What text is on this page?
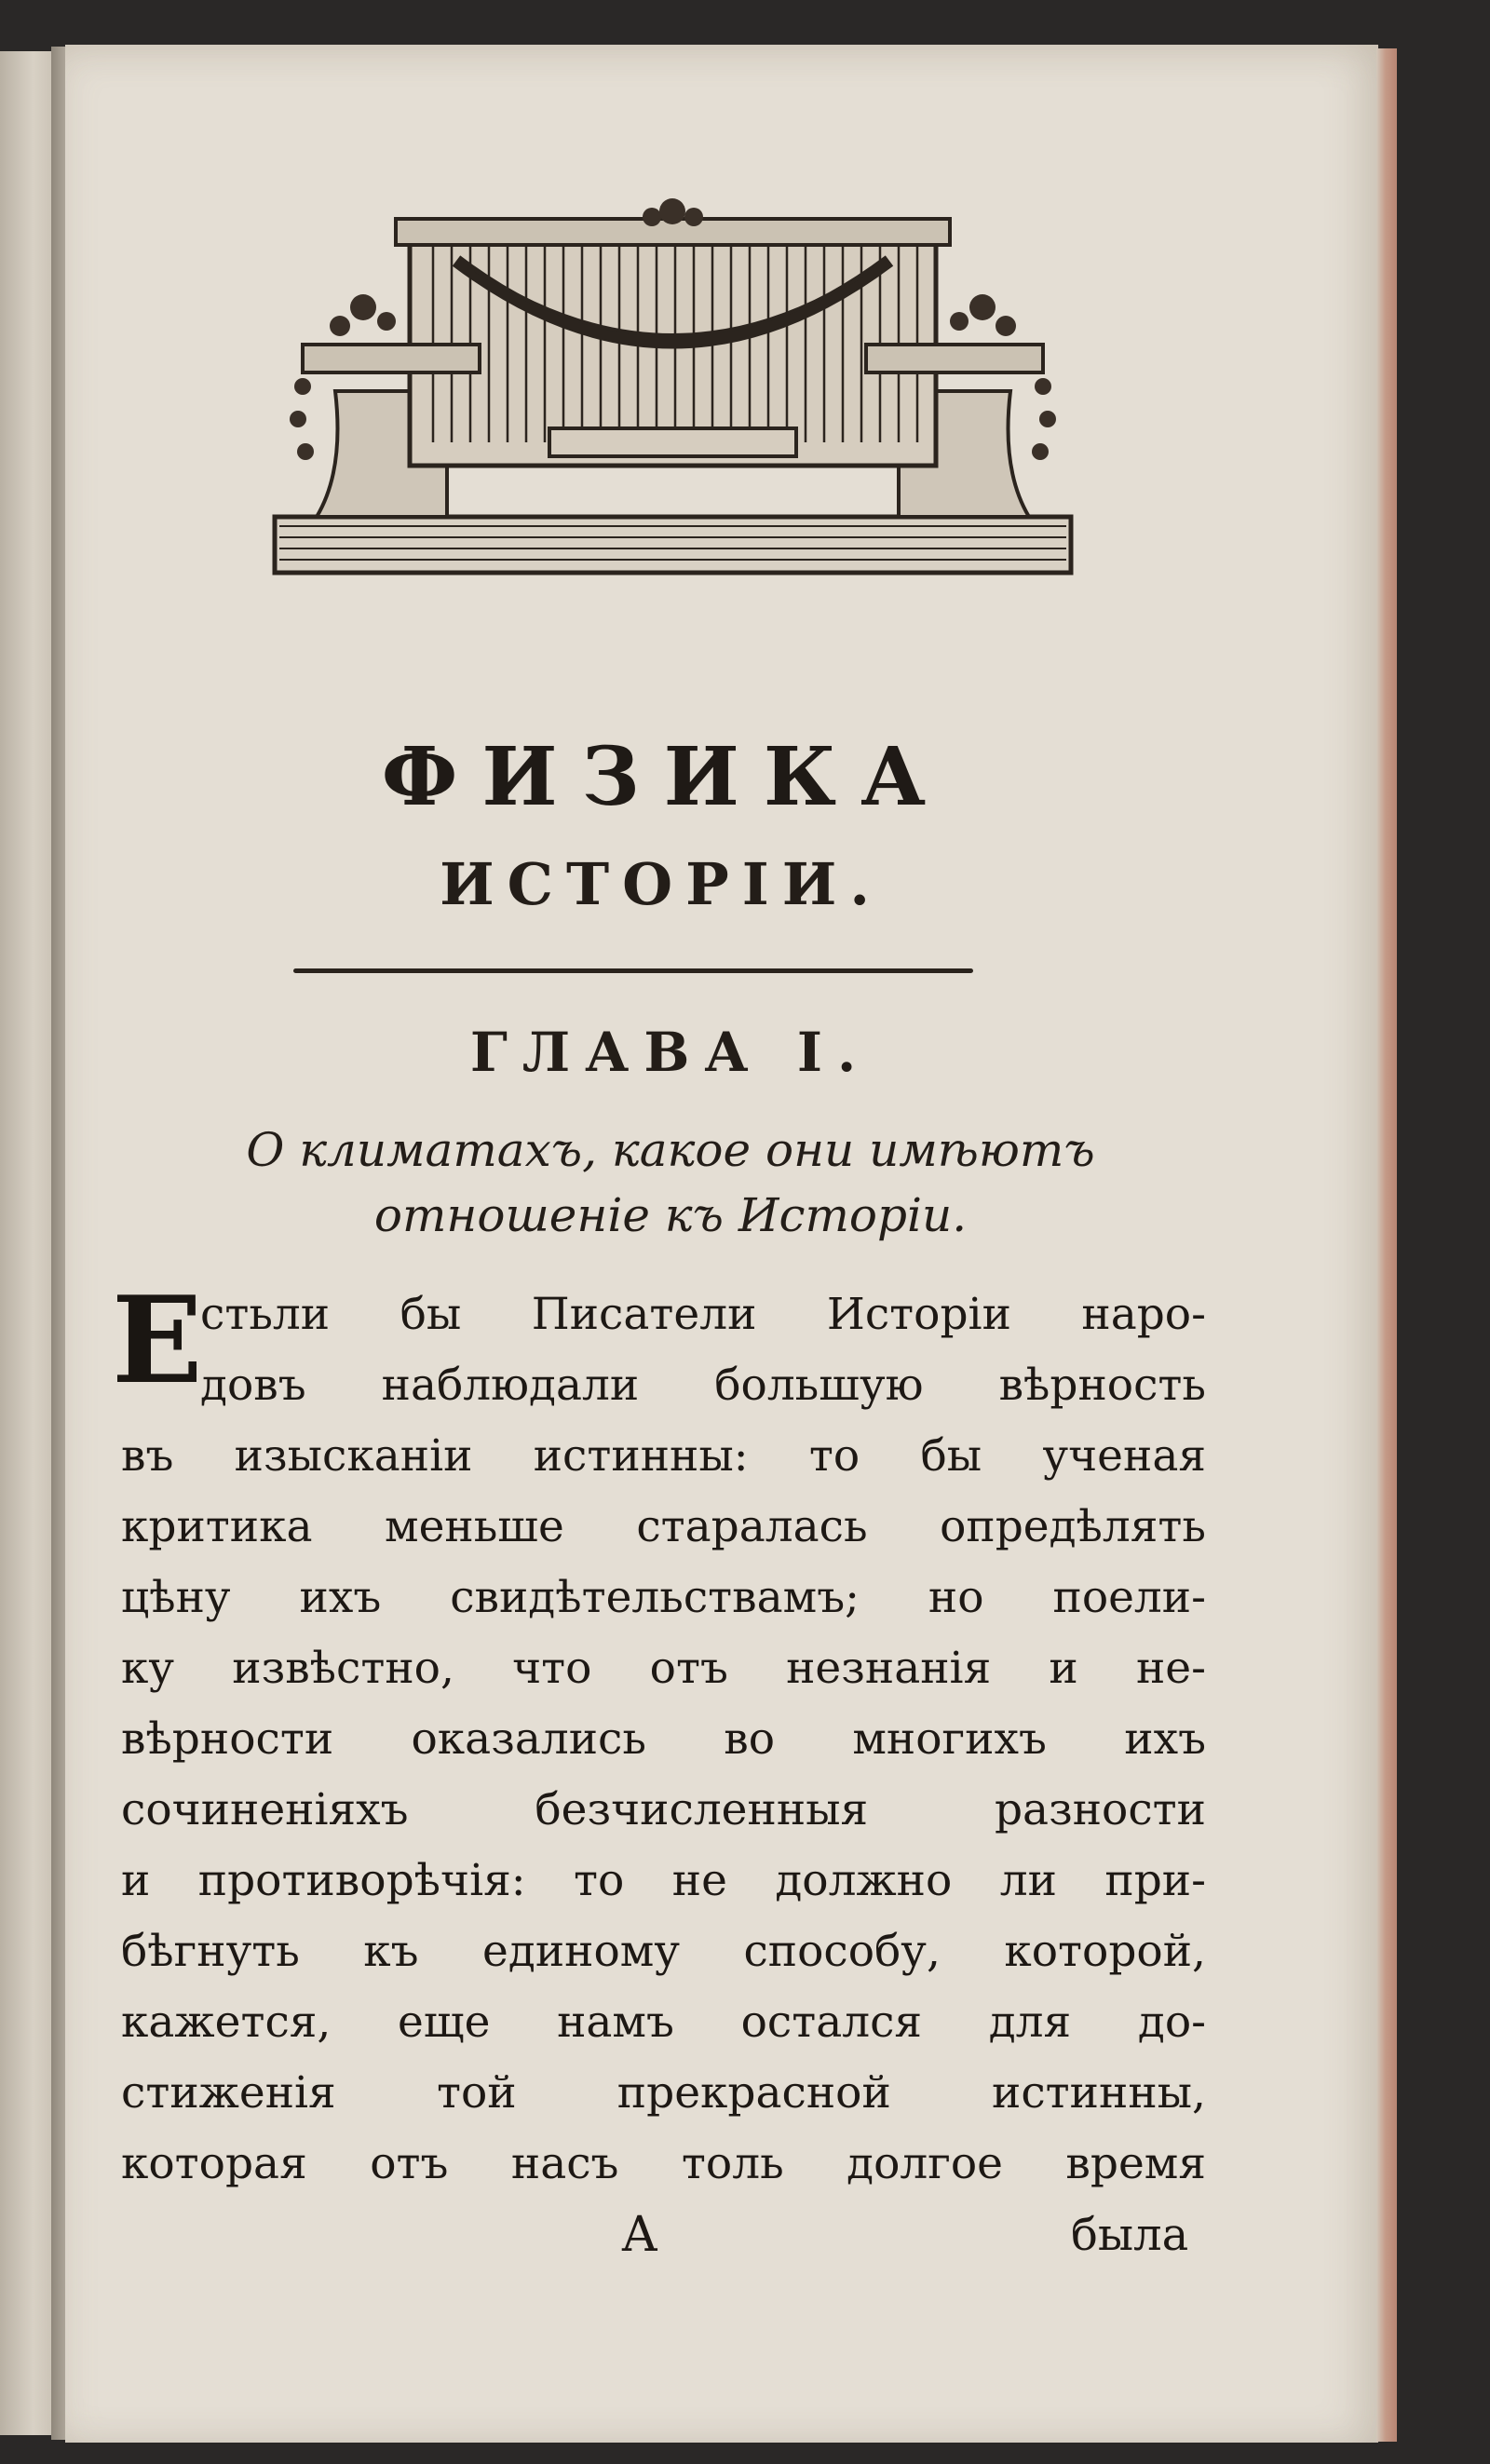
ФИЗИКА
ИСТОРIИ.
ГЛАВА I.
О климатахъ, какое они имѣютъ
отношенiе къ Исторiи.
Е
стьли бы Писатели Исторiи наро-
довъ наблюдали большую вѣрность
въ изысканiи истинны: то бы ученая
критика меньше старалась опредѣлять
цѣну ихъ свидѣтельствамъ; но поели-
ку извѣстно, что отъ незнанiя и не-
вѣрности оказались во многихъ ихъ
сочиненiяхъ безчисленныя разности
и противорѣчiя: то не должно ли при-
бѣгнуть къ единому способу, которой,
кажется, еще намъ остался для до-
стиженiя той прекрасной истинны,
которая отъ насъ толь долгое время
A	была
